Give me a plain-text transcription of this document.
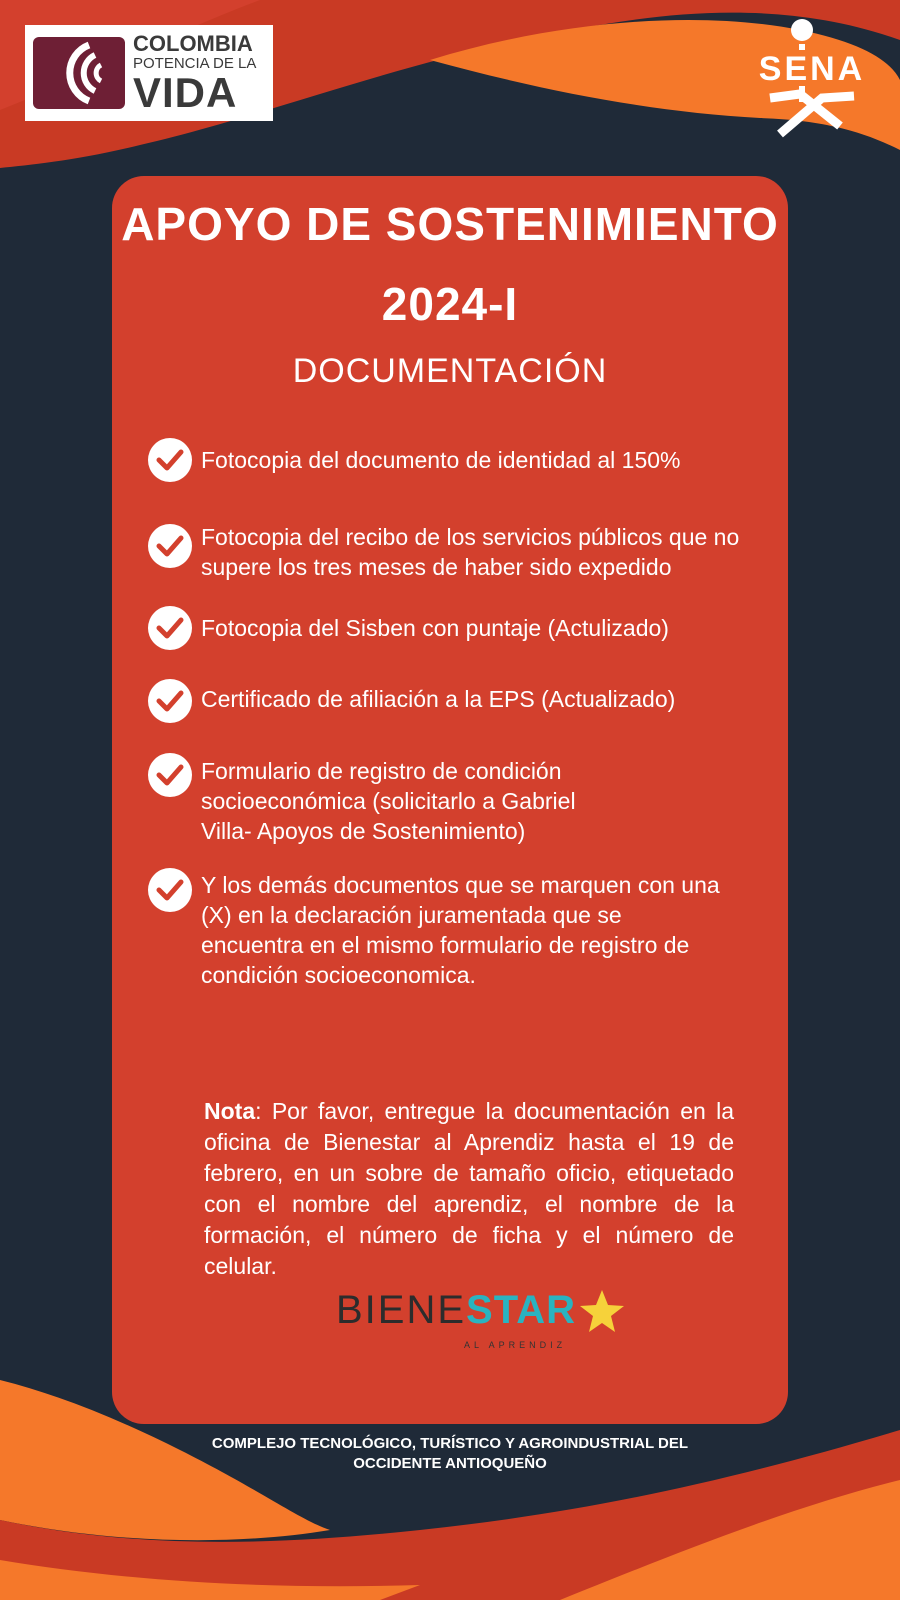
COLOMBIA
POTENCIA DE LA
VIDA	SENA
APOYO DE SOSTENIMIENTO
2024-I
DOCUMENTACIÓN
Fotocopia del documento de identidad al 150%
Fotocopia del recibo de los servicios públicos que no supere los tres meses de haber sido expedido
Fotocopia del Sisben con puntaje (Actulizado)
Certificado de afiliación a la EPS (Actualizado)
Formulario de registro de condición socioeconómica (solicitarlo a Gabriel Villa- Apoyos de Sostenimiento)
Y los demás documentos que se marquen con una (X) en la declaración juramentada que se encuentra en el mismo formulario de registro de condición socioeconomica.
Nota: Por favor, entregue la documentación en la oficina de Bienestar al Aprendiz hasta el 19 de febrero, en un sobre de tamaño oficio, etiquetado con el nombre del aprendiz, el nombre de la formación, el número de ficha y el número de celular.
BIENESTAR
AL APRENDIZ
COMPLEJO TECNOLÓGICO, TURÍSTICO Y AGROINDUSTRIAL DEL
OCCIDENTE ANTIOQUEÑO
